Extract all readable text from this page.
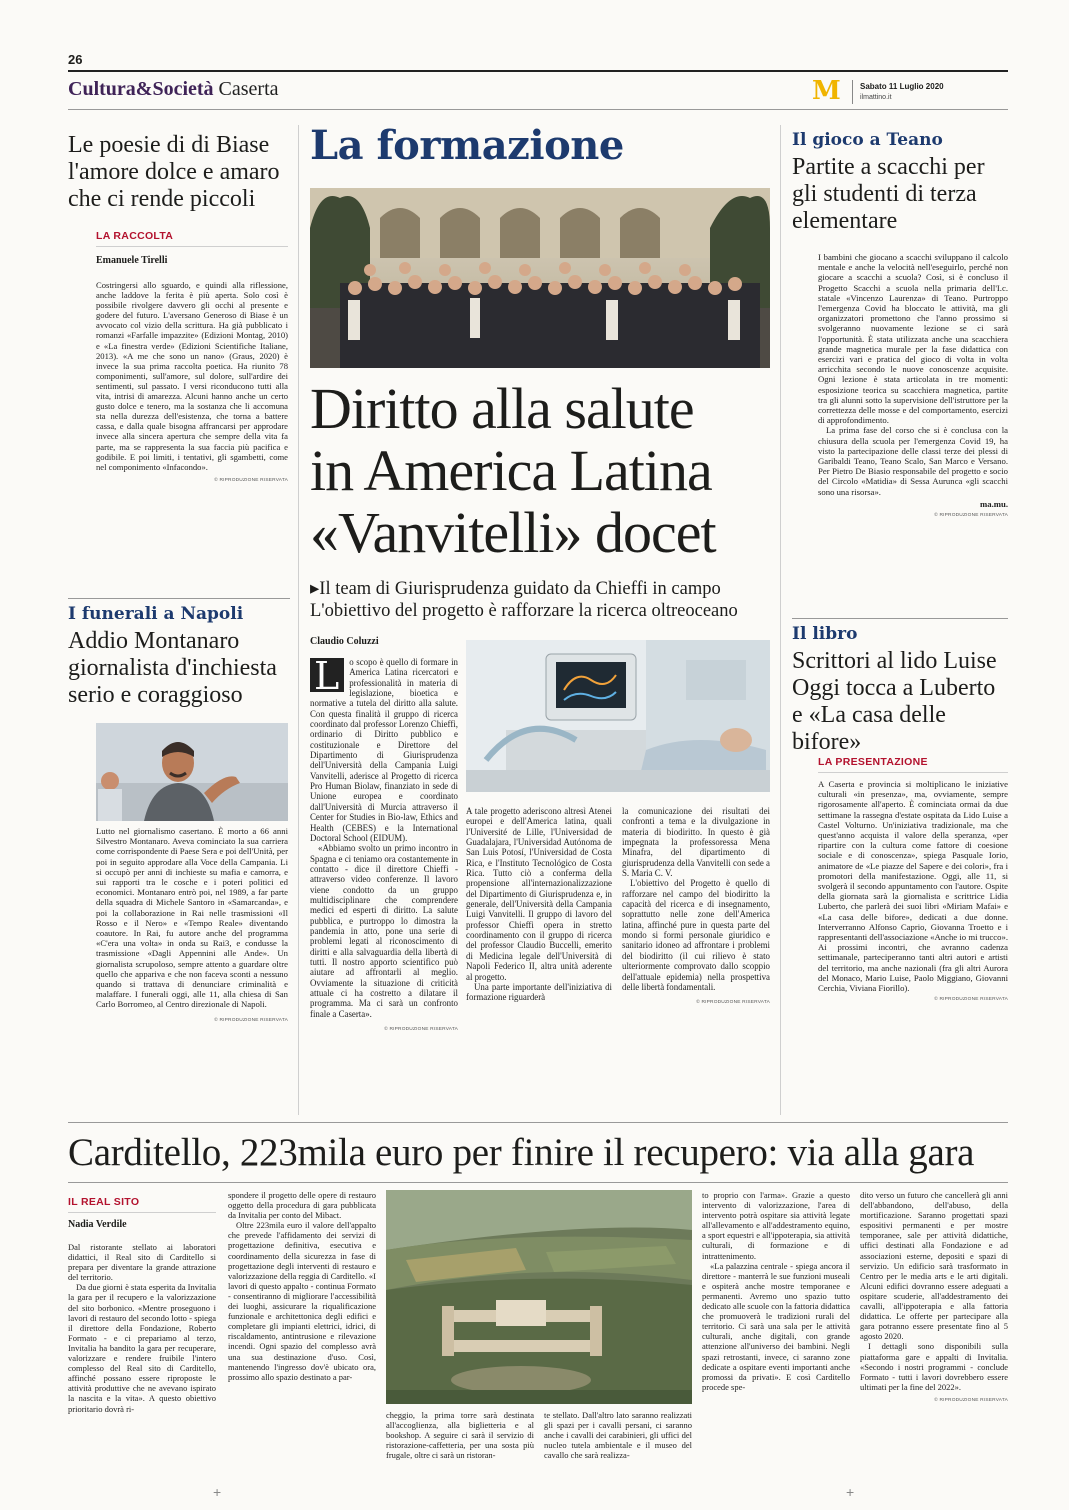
26
Cultura&Società Caserta	M	Sabato 11 Luglio 2020
ilmattino.it
Le poesie di di Biase l'amore dolce e amaro che ci rende piccoli
LA RACCOLTA
Emanuele Tirelli

Costringersi allo sguardo, e quindi alla riflessione, anche laddove la ferita è più aperta. Solo così è possibile rivolgere davvero gli occhi al presente e godere del futuro. L'aversano Generoso di Biase è un avvocato col vizio della scrittura. Ha già pubblicato i romanzi «Farfalle impazzite» (Edizioni Montag, 2010) e «La finestra verde» (Edizioni Scientifiche Italiane, 2013). «A me che sono un nano» (Graus, 2020) è invece la sua prima raccolta poetica. Ha riunito 78 componimenti, sull'amore, sul dolore, sull'ardire dei sentimenti, sul passato. I versi riconducono tutti alla vita, intrisi di amarezza. Alcuni hanno anche un certo gusto dolce e tenero, ma la sostanza che li accomuna sta nella durezza dell'esistenza, che torna a battere cassa, e dalla quale bisogna affrancarsi per approdare invece alla sincera apertura che sempre della vita fa parte, ma se rappresenta la sua faccia più pacifica e godibile. E poi limiti, i tentativi, gli sgambetti, come nel componimento «Infacondo».

© RIPRODUZIONE RISERVATA
I funerali a Napoli
Addio Montanaro giornalista d'inchiesta serio e coraggioso

Lutto nel giornalismo casertano. È morto a 66 anni Silvestro Montanaro. Aveva cominciato la sua carriera come corrispondente di Paese Sera e poi dell'Unità, per poi in seguito approdare alla Voce della Campania. Li si occupò per anni di inchieste su mafia e camorra, e sui rapporti tra le cosche e i poteri politici ed economici. Montanaro entrò poi, nel 1989, a far parte della squadra di Michele Santoro in «Samarcanda», e poi la collaborazione in Rai nelle trasmissioni «Il Rosso e il Nero» e «Tempo Reale» diventando coautore. In Rai, fu autore anche del programma «C'era una volta» in onda su Rai3, e condusse la trasmissione «Dagli Appennini alle Ande». Un giornalista scrupoloso, sempre attento a guardare oltre quello che appariva e che non faceva sconti a nessuno quando si trattava di denunciare criminalità e malaffare. I funerali oggi, alle 11, alla chiesa di San Carlo Borromeo, al Centro direzionale di Napoli.

© RIPRODUZIONE RISERVATA
La formazione
Diritto alla salute
in America Latina
«Vanvitelli» docet
▸Il team di Giurisprudenza guidato da Chieffi in campo
L'obiettivo del progetto è rafforzare la ricerca oltreoceano
Claudio Coluzzi

L	o scopo è quello di formare in America Latina ricercatori e professionalità in materia di legislazione, bioetica e normative a tutela del diritto alla salute. Con questa finalità il gruppo di ricerca coordinato dal professor Lorenzo Chieffi, ordinario di Diritto pubblico e costituzionale e Direttore del Dipartimento di Giurisprudenza dell'Università della Campania Luigi Vanvitelli, aderisce al Progetto di ricerca Pro Human Biolaw, finanziato in sede di Unione europea e coordinato dall'Università di Murcia attraverso il Center for Studies in Bio-law, Ethics and Health (CEBES) e la International Doctoral School (EIDUM).

«Abbiamo svolto un primo incontro in Spagna e ci teniamo ora costantemente in contatto - dice il direttore Chieffi - attraverso video conferenze. Il lavoro viene condotto da un gruppo multidisciplinare che comprendere medici ed esperti di diritto. La salute pubblica, e purtroppo lo dimostra la pandemia in atto, pone una serie di problemi legati al riconoscimento di diritti e alla salvaguardia della libertà di tutti. Il nostro apporto scientifico può aiutare ad affrontarli al meglio. Ovviamente la situazione di criticità attuale ci ha costretto a dilatare il programma. Ma ci sarà un confronto finale a Caserta».

© RIPRODUZIONE RISERVATA

A tale progetto aderiscono altresì Atenei europei e dell'America latina, quali l'Université de Lille, l'Universidad de Guadalajara, l'Universidad Autónoma de San Luis Potosí, l'Universidad de Costa Rica, e l'Instituto Tecnológico de Costa Rica. Tutto ciò a conferma della propensione all'internazionalizzazione del Dipartimento di Giurisprudenza e, in generale, dell'Università della Campania Luigi Vanvitelli. Il gruppo di lavoro del professor Chieffi opera in stretto coordinamento con il gruppo di ricerca del professor Claudio Buccelli, emerito di Medicina legale dell'Università di Napoli Federico II, altra unità aderente al progetto.

Una parte importante dell'iniziativa di formazione riguarderà

la comunicazione dei risultati dei confronti a tema e la divulgazione in materia di biodiritto. In questo è già impegnata la professoressa Mena Minafra, del dipartimento di giurisprudenza della Vanvitelli con sede a S. Maria C. V.

L'obiettivo del Progetto è quello di rafforzare nel campo del biodiritto la capacità del ricerca e di insegnamento, soprattutto nelle zone dell'America latina, affinché pure in questa parte del mondo si formi personale giuridico e sanitario idoneo ad affrontare i problemi del biodiritto (il cui rilievo è stato ulteriormente comprovato dallo scoppio dell'attuale epidemia) nella prospettiva delle libertà fondamentali.

© RIPRODUZIONE RISERVATA
Il gioco a Teano
Partite a scacchi per gli studenti di terza elementare

I bambini che giocano a scacchi sviluppano il calcolo mentale e anche la velocità nell'eseguirlo, perché non giocare a scacchi a scuola? Così, si è concluso il Progetto Scacchi a scuola nella primaria dell'I.c. statale «Vincenzo Laurenza» di Teano. Purtroppo l'emergenza Covid ha bloccato le attività, ma gli organizzatori promettono che l'anno prossimo si svolgeranno nuovamente lezione se ci sarà l'opportunità. È stata utilizzata anche una scacchiera grande magnetica murale per la fase didattica con esercizi vari e pratica del gioco di volta in volta arricchita secondo le nuove conoscenze acquisite. Ogni lezione è stata articolata in tre momenti: esposizione teorica su scacchiera magnetica, partite tra gli alunni sotto la supervisione dell'istruttore per la correttezza delle mosse e del comportamento, esercizi di approfondimento.

La prima fase del corso che si è conclusa con la chiusura della scuola per l'emergenza Covid 19, ha visto la partecipazione delle classi terze dei plessi di Garibaldi Teano, Teano Scalo, San Marco e Versano. Per Pietro De Biasio responsabile del progetto e socio del Circolo «Matidia» di Sessa Aurunca «gli scacchi sono una risorsa».

ma.mu.
© RIPRODUZIONE RISERVATA
Il libro
Scrittori al lido Luise Oggi tocca a Luberto e «La casa delle bifore»
LA PRESENTAZIONE

A Caserta e provincia si moltiplicano le iniziative culturali «in presenza», ma, ovviamente, sempre rigorosamente all'aperto. È cominciata ormai da due settimane la rassegna d'estate ospitata da Lido Luise a Castel Volturno. Un'iniziativa tradizionale, ma che quest'anno acquista il valore della speranza, «per ripartire con la cultura come fattore di coesione sociale e di conoscenza», spiega Pasquale Iorio, animatore de «Le piazze del Sapere e dei colori», fra i promotori della manifestazione. Oggi, alle 11, si svolgerà il secondo appuntamento con l'autore. Ospite della giornata sarà la giornalista e scrittrice Lidia Luberto, che parlerà dei suoi libri «Miriam Mafai» e «La casa delle bifore», dedicati a due donne. Interverranno Alfonso Caprio, Giovanna Troetto e i rappresentanti dell'associazione «Anche io mi trucco». Ai prossimi incontri, che avranno cadenza settimanale, parteciperanno tanti altri autori e artisti del territorio, ma anche nazionali (fra gli altri Aurora del Monaco, Mario Luise, Paolo Miggiano, Giovanni Cerchia, Viviana Fiorillo).

© RIPRODUZIONE RISERVATA
Carditello, 223mila euro per finire il recupero: via alla gara
IL REAL SITO
Nadia Verdile

Dal ristorante stellato ai laboratori didattici, il Real sito di Carditello si prepara per diventare la grande attrazione del territorio.

Da due giorni è stata esperita da Invitalia la gara per il recupero e la valorizzazione del sito borbonico. «Mentre proseguono i lavori di restauro del secondo lotto - spiega il direttore della Fondazione, Roberto Formato - e ci prepariamo al terzo, Invitalia ha bandito la gara per recuperare, valorizzare e rendere fruibile l'intero complesso del Real sito di Carditello, affinché possano essere riproposte le attività produttive che ne avevano ispirato la nascita e la vita». A questo obiettivo prioritario dovrà ri-

spondere il progetto delle opere di restauro oggetto della procedura di gara pubblicata da Invitalia per conto del Mibact.

Oltre 223mila euro il valore dell'appalto che prevede l'affidamento dei servizi di progettazione definitiva, esecutiva e coordinamento della sicurezza in fase di progettazione degli interventi di restauro e valorizzazione della reggia di Carditello. «I lavori di questo appalto - continua Formato - consentiranno di migliorare l'accessibilità dei luoghi, assicurare la riqualificazione funzionale e architettonica degli edifici e completare gli impianti elettrici, idrici, di riscaldamento, antintrusione e rilevazione incendi. Ogni spazio del complesso avrà una sua destinazione d'uso. Così, mantenendo l'ingresso dov'è ubicato ora, prossimo allo spazio destinato a par-

cheggio, la prima torre sarà destinata all'accoglienza, alla biglietteria e al bookshop. A seguire ci sarà il servizio di ristorazione-caffetteria, per una sosta più frugale, oltre ci sarà un ristoran-

te stellato. Dall'altro lato saranno realizzati gli spazi per i cavalli persani, ci saranno anche i cavalli dei carabinieri, gli uffici del nucleo tutela ambientale e il museo del cavallo che sarà realizza-

to proprio con l'arma». Grazie a questo intervento di valorizzazione, l'area di intervento potrà ospitare sia attività legate all'allevamento e all'addestramento equino, a sport equestri e all'ippoterapia, sia attività culturali, di formazione e di intrattenimento.

«La palazzina centrale - spiega ancora il direttore - manterrà le sue funzioni museali e ospiterà anche mostre temporanee e permanenti. Avremo uno spazio tutto dedicato alle scuole con la fattoria didattica che promuoverà le tradizioni rurali del territorio. Ci sarà una sala per le attività culturali, anche digitali, con grande attenzione all'universo dei bambini. Negli spazi retrostanti, invece, ci saranno zone dedicate a ospitare eventi importanti anche promossi da privati». E così Carditello procede spe-

dito verso un futuro che cancellerà gli anni dell'abbandono, dell'abuso, della mortificazione. Saranno progettati spazi espositivi permanenti e per mostre temporanee, sale per attività didattiche, uffici destinati alla Fondazione e ad associazioni esterne, depositi e spazi di servizio. Un edificio sarà trasformato in Centro per le media arts e le arti digitali. Alcuni edifici dovranno essere adeguati a ospitare scuderie, all'addestramento dei cavalli, all'ippoterapia e alla fattoria didattica. Le offerte per partecipare alla gara potranno essere presentate fino al 5 agosto 2020.

I dettagli sono disponibili sulla piattaforma gare e appalti di Invitalia. «Secondo i nostri programmi - conclude Formato - tutti i lavori dovrebbero essere ultimati per la fine del 2022».

© RIPRODUZIONE RISERVATA
+	+
